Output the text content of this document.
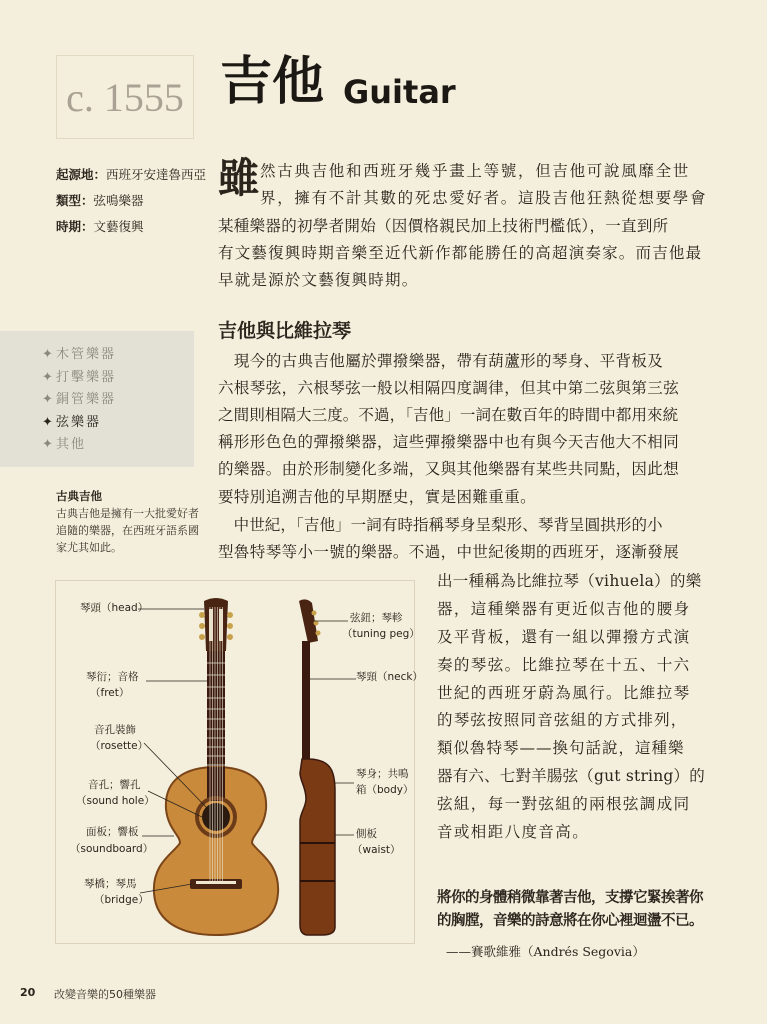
c. 1555 吉他 Guitar
起源地：西班牙安達魯西亞
類型：弦鳴樂器
時期：文藝復興
✦ 木管樂器
✦ 打擊樂器
✦ 銅管樂器
✦ 弦樂器
✦ 其他
古典吉他
古典吉他是擁有一大批愛好者
追隨的樂器，在西班牙語系國
家尤其如此。
雖 然古典吉他和西班牙幾乎畫上等號，但吉他可說風靡全世
界，擁有不計其數的死忠愛好者。這股吉他狂熱從想要學會
某種樂器的初學者開始（因價格親民加上技術門檻低），一直到所
有文藝復興時期音樂至近代新作都能勝任的高超演奏家。而吉他最
早就是源於文藝復興時期。
吉他與比維拉琴
　現今的古典吉他屬於彈撥樂器，帶有葫蘆形的琴身、平背板及
六根琴弦，六根琴弦一般以相隔四度調律，但其中第二弦與第三弦
之間則相隔大三度。不過，「吉他」一詞在數百年的時間中都用來統
稱形形色色的彈撥樂器，這些彈撥樂器中也有與今天吉他大不相同
的樂器。由於形制變化多端，又與其他樂器有某些共同點，因此想
要特別追溯吉他的早期歷史，實是困難重重。
　中世紀，「吉他」一詞有時指稱琴身呈梨形、琴背呈圓拱形的小
型魯特琴等小一號的樂器。不過，中世紀後期的西班牙，逐漸發展
出一種稱為比維拉琴（vihuela）的樂
器，這種樂器有更近似吉他的腰身
及平背板，還有一組以彈撥方式演
奏的琴弦。比維拉琴在十五、十六
世紀的西班牙蔚為風行。比維拉琴
的琴弦按照同音弦組的方式排列，
類似魯特琴——換句話說，這種樂
器有六、七對羊腸弦（gut string）的
弦組，每一對弦組的兩根弦調成同
音或相距八度音高。
琴頭（head）
琴衍；音格
（fret）
音孔裝飾
（rosette）
音孔；響孔
（sound hole）
面板；響板
（soundboard）
琴橋；琴馬
（bridge）
弦鈕；琴軫
（tuning peg）
琴頸（neck）
琴身；共鳴
箱（body）
側板
（waist）
將你的身體稍微靠著吉他，支撐它緊挨著你
的胸膛，音樂的詩意將在你心裡迴盪不已。
——賽歌維雅（Andrés Segovia）
20 改變音樂的50種樂器
